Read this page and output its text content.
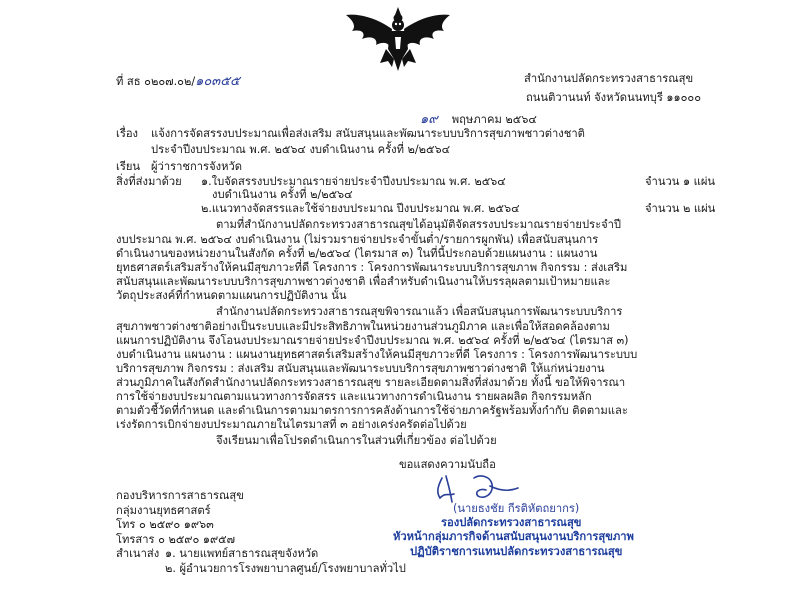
ที่ สธ ๐๒๐๗.๐๒/๑๐๓๕๕	สำนักงานปลัดกระทรวงสาธารณสุข
ถนนติวานนท์ จังหวัดนนทบุรี ๑๑๐๐๐
๑๙ พฤษภาคม ๒๕๖๔
เรื่อง แจ้งการจัดสรรงบประมาณเพื่อส่งเสริม สนับสนุนและพัฒนาระบบบริการสุขภาพชาวต่างชาติ
ประจำปีงบประมาณ พ.ศ. ๒๕๖๔ งบดำเนินงาน ครั้งที่ ๒/๒๕๖๔
เรียน ผู้ว่าราชการจังหวัด
สิ่งที่ส่งมาด้วย ๑.ใบจัดสรรงบประมาณรายจ่ายประจำปีงบประมาณ พ.ศ. ๒๕๖๔	จำนวน ๑ แผ่น
งบดำเนินงาน ครั้งที่ ๒/๒๕๖๔
๒.แนวทางจัดสรรและใช้จ่ายงบประมาณ ปีงบประมาณ พ.ศ. ๒๕๖๔	จำนวน ๒ แผ่น
ตามที่สำนักงานปลัดกระทรวงสาธารณสุขได้อนุมัติจัดสรรงบประมาณรายจ่ายประจำปี
งบประมาณ พ.ศ. ๒๕๖๔ งบดำเนินงาน (ไม่รวมรายจ่ายประจำขั้นต่ำ/รายการผูกพัน) เพื่อสนับสนุนการ
ดำเนินงานของหน่วยงานในสังกัด ครั้งที่ ๒/๒๕๖๔ (ไตรมาส ๓) ในที่นี้ประกอบด้วยแผนงาน : แผนงาน
ยุทธศาสตร์เสริมสร้างให้คนมีสุขภาวะที่ดี โครงการ : โครงการพัฒนาระบบบริการสุขภาพ กิจกรรม : ส่งเสริม
สนับสนุนและพัฒนาระบบบริการสุขภาพชาวต่างชาติ เพื่อสำหรับดำเนินงานให้บรรลุผลตามเป้าหมายและ
วัตถุประสงค์ที่กำหนดตามแผนการปฏิบัติงาน นั้น
สำนักงานปลัดกระทรวงสาธารณสุขพิจารณาแล้ว เพื่อสนับสนุนการพัฒนาระบบบริการ
สุขภาพชาวต่างชาติอย่างเป็นระบบและมีประสิทธิภาพในหน่วยงานส่วนภูมิภาค และเพื่อให้สอดคล้องตาม
แผนการปฏิบัติงาน จึงโอนงบประมาณรายจ่ายประจำปีงบประมาณ พ.ศ. ๒๕๖๔ ครั้งที่ ๒/๒๕๖๔ (ไตรมาส ๓)
งบดำเนินงาน แผนงาน : แผนงานยุทธศาสตร์เสริมสร้างให้คนมีสุขภาวะที่ดี โครงการ : โครงการพัฒนาระบบบ
บริการสุขภาพ กิจกรรม : ส่งเสริม สนับสนุนและพัฒนาระบบบริการสุขภาพชาวต่างชาติ ให้แก่หน่วยงาน
ส่วนภูมิภาคในสังกัดสำนักงานปลัดกระทรวงสาธารณสุข รายละเอียดตามสิ่งที่ส่งมาด้วย ทั้งนี้ ขอให้พิจารณา
การใช้จ่ายงบประมาณตามแนวทางการจัดสรร และแนวทางการดำเนินงาน รายผลผลิต กิจกรรมหลัก
ตามตัวชี้วัดที่กำหนด และดำเนินการตามมาตรการการคลังด้านการใช้จ่ายภาครัฐพร้อมทั้งกำกับ ติดตามและ
เร่งรัดการเบิกจ่ายงบประมาณภายในไตรมาสที่ ๓ อย่างเคร่งครัดต่อไปด้วย
จึงเรียนมาเพื่อโปรดดำเนินการในส่วนที่เกี่ยวข้อง ต่อไปด้วย
ขอแสดงความนับถือ
(นายธงชัย กีรติหัตถยากร)
รองปลัดกระทรวงสาธารณสุข
หัวหน้ากลุ่มภารกิจด้านสนับสนุนงานบริการสุขภาพ
ปฏิบัติราชการแทนปลัดกระทรวงสาธารณสุข
กองบริหารการสาธารณสุข
กลุ่มงานยุทธศาสตร์
โทร ๐ ๒๕๙๐ ๑๙๖๓
โทรสาร ๐ ๒๕๙๐ ๑๙๕๗
สำเนาส่ง ๑. นายแพทย์สาธารณสุขจังหวัด
๒. ผู้อำนวยการโรงพยาบาลศูนย์/โรงพยาบาลทั่วไป
